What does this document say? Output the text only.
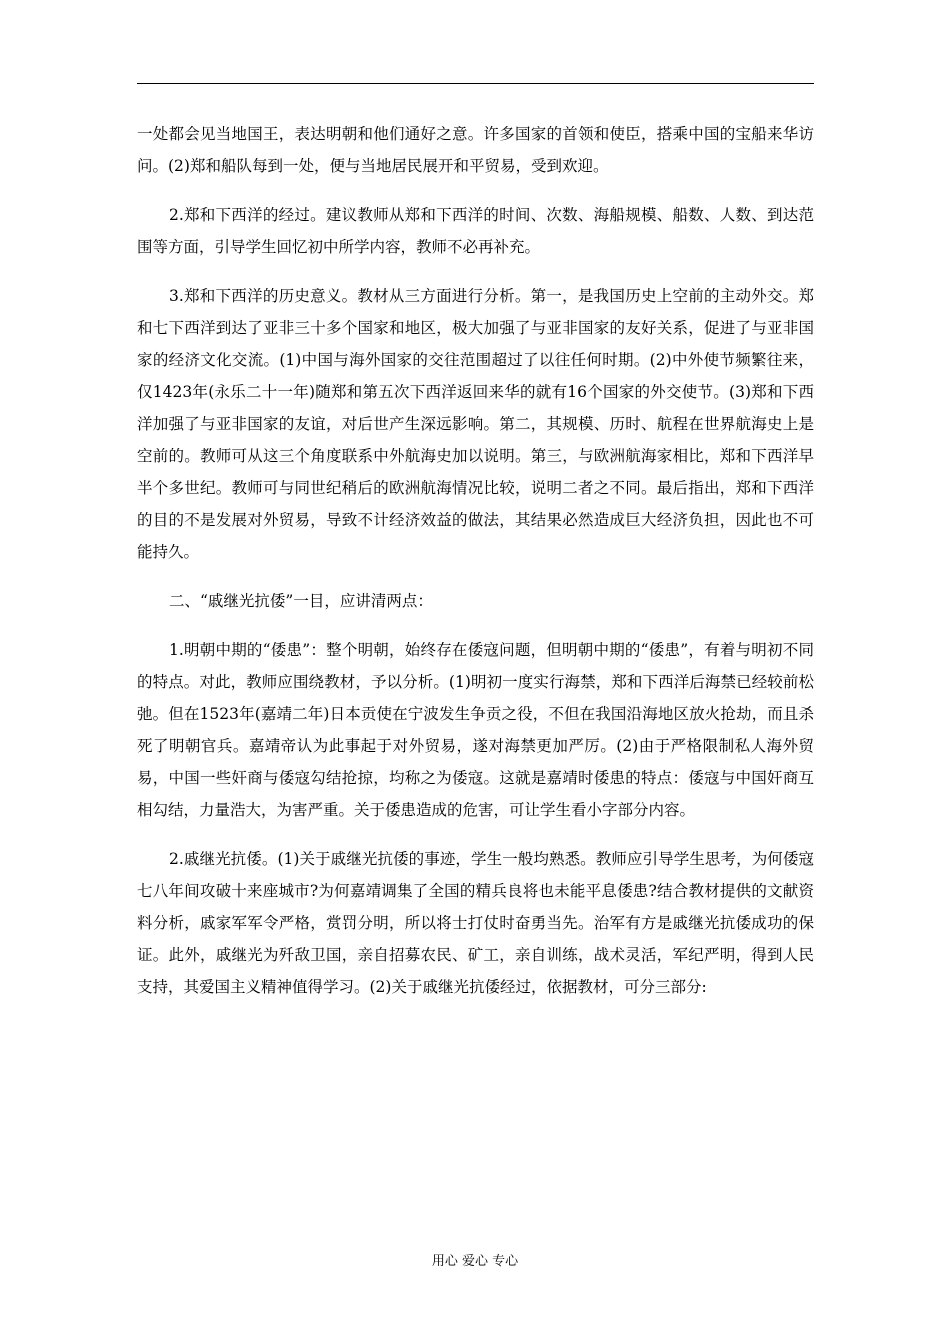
一处都会见当地国王，表达明朝和他们通好之意。许多国家的首领和使臣，搭乘中国的宝船来华访问。(2)郑和船队每到一处，便与当地居民展开和平贸易，受到欢迎。

2.郑和下西洋的经过。建议教师从郑和下西洋的时间、次数、海船规模、船数、人数、到达范围等方面，引导学生回忆初中所学内容，教师不必再补充。

3.郑和下西洋的历史意义。教材从三方面进行分析。第一，是我国历史上空前的主动外交。郑和七下西洋到达了亚非三十多个国家和地区，极大加强了与亚非国家的友好关系，促进了与亚非国家的经济文化交流。(1)中国与海外国家的交往范围超过了以往任何时期。(2)中外使节频繁往来，仅1423年(永乐二十一年)随郑和第五次下西洋返回来华的就有16个国家的外交使节。(3)郑和下西洋加强了与亚非国家的友谊，对后世产生深远影响。第二，其规模、历时、航程在世界航海史上是空前的。教师可从这三个角度联系中外航海史加以说明。第三，与欧洲航海家相比，郑和下西洋早半个多世纪。教师可与同世纪稍后的欧洲航海情况比较，说明二者之不同。最后指出，郑和下西洋的目的不是发展对外贸易，导致不计经济效益的做法，其结果必然造成巨大经济负担，因此也不可能持久。

二、“戚继光抗倭”一目，应讲清两点：

1.明朝中期的“倭患”：整个明朝，始终存在倭寇问题，但明朝中期的“倭患”，有着与明初不同的特点。对此，教师应围绕教材，予以分析。(1)明初一度实行海禁，郑和下西洋后海禁已经较前松弛。但在1523年(嘉靖二年)日本贡使在宁波发生争贡之役，不但在我国沿海地区放火抢劫，而且杀死了明朝官兵。嘉靖帝认为此事起于对外贸易，遂对海禁更加严厉。(2)由于严格限制私人海外贸易，中国一些奸商与倭寇勾结抢掠，均称之为倭寇。这就是嘉靖时倭患的特点：倭寇与中国奸商互相勾结，力量浩大，为害严重。关于倭患造成的危害，可让学生看小字部分内容。

2.戚继光抗倭。(1)关于戚继光抗倭的事迹，学生一般均熟悉。教师应引导学生思考，为何倭寇七八年间攻破十来座城市?为何嘉靖调集了全国的精兵良将也未能平息倭患?结合教材提供的文献资料分析，戚家军军令严格，赏罚分明，所以将士打仗时奋勇当先。治军有方是戚继光抗倭成功的保证。此外，戚继光为歼敌卫国，亲自招募农民、矿工，亲自训练，战术灵活，军纪严明，得到人民支持，其爱国主义精神值得学习。(2)关于戚继光抗倭经过，依据教材，可分三部分:

用心 爱心 专心
